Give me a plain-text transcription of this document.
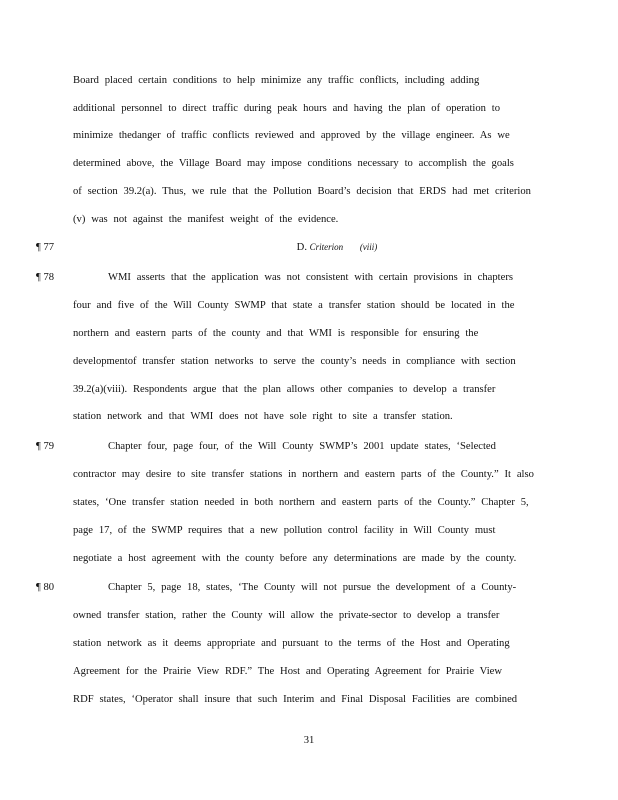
Board placed certain conditions to help minimize any traffic conflicts, including adding
additional personnel to direct traffic during peak hours and having the plan of operation to
minimize thedanger of traffic conflicts reviewed and approved by the village engineer. As we
determined above, the Village Board may impose conditions necessary to accomplish the goals
of section 39.2(a). Thus, we rule that the Pollution Board’s decision that ERDS had met criterion
(v) was not against the manifest weight of the evidence.
¶ 77	D. Criterion (viii)
¶ 78	WMI asserts that the application was not consistent with certain provisions in chapters
four and five of the Will County SWMP that state a transfer station should be located in the
northern and eastern parts of the county and that WMI is responsible for ensuring the
developmentof transfer station networks to serve the county’s needs in compliance with section
39.2(a)(viii). Respondents argue that the plan allows other companies to develop a transfer
station network and that WMI does not have sole right to site a transfer station.
¶ 79	Chapter four, page four, of the Will County SWMP’s 2001 update states, ‘Selected
contractor may desire to site transfer stations in northern and eastern parts of the County.” It also
states, ‘One transfer station needed in both northern and eastern parts of the County.” Chapter 5,
page 17, of the SWMP requires that a new pollution control facility in Will County must
negotiate a host agreement with the county before any determinations are made by the county.
¶ 80	Chapter 5, page 18, states, ‘The County will not pursue the development of a County-
owned transfer station, rather the County will allow the private-sector to develop a transfer
station network as it deems appropriate and pursuant to the terms of the Host and Operating
Agreement for the Prairie View RDF.” The Host and Operating Agreement for Prairie View
RDF states, ‘Operator shall insure that such Interim and Final Disposal Facilities are combined
31
